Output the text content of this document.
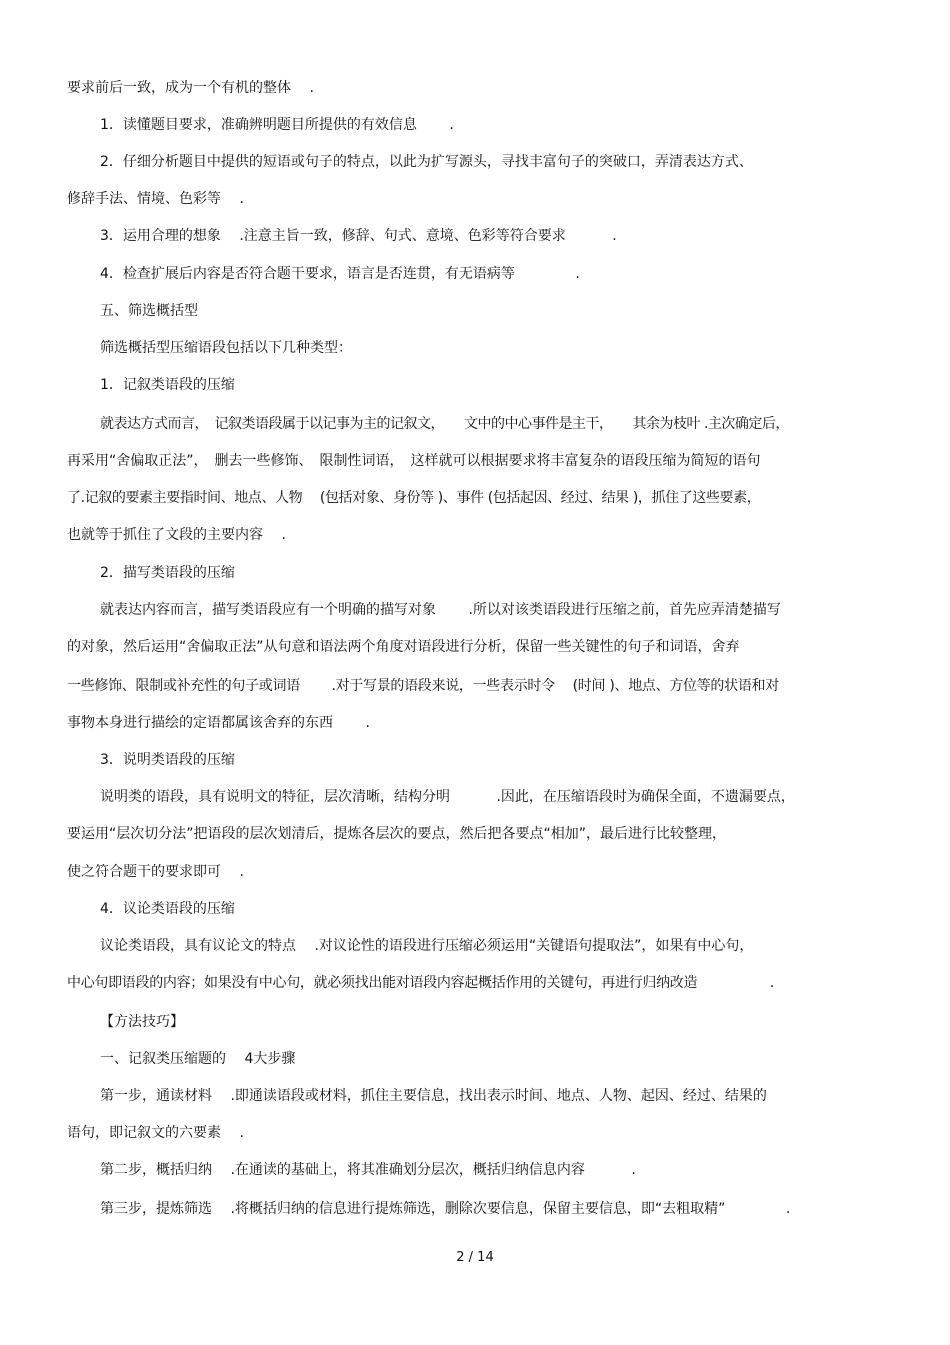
要求前后一致，成为一个有机的整体 　.
1．读懂题目要求，准确辨明题目所提供的有效信息 　　.
2．仔细分析题目中提供的短语或句子的特点，以此为扩写源头，寻找丰富句子的突破口，弄清表达方式、
修辞手法、情境、色彩等 　.
3．运用合理的想象 　.注意主旨一致，修辞、句式、意境、色彩等符合要求 　　　.
4．检查扩展后内容是否符合题干要求，语言是否连贯，有无语病等 　　　　.
五、筛选概括型
筛选概括型压缩语段包括以下几种类型：
1．记叙类语段的压缩
就表达方式而言，　记叙类语段属于以记事为主的记叙文，　　文中的中心事件是主干，　　其余为枝叶 .主次确定后，
再采用“舍偏取正法”，　删去一些修饰、　限制性词语，　这样就可以根据要求将丰富复杂的语段压缩为简短的语句
了.记叙的要素主要指时间、地点、人物　 (包括对象、身份等 )、事件 (包括起因、经过、结果 )，抓住了这些要素，
也就等于抓住了文段的主要内容 　.
2．描写类语段的压缩
就表达内容而言，描写类语段应有一个明确的描写对象 　　.所以对该类语段进行压缩之前，首先应弄清楚描写
的对象，然后运用“舍偏取正法”从句意和语法两个角度对语段进行分析，保留一些关键性的句子和词语，舍弃
一些修饰、限制或补充性的句子或词语 　　.对于写景的语段来说，一些表示时令 　(时间 )、地点、方位等的状语和对
事物本身进行描绘的定语都属该舍弃的东西 　　.
3．说明类语段的压缩
说明类的语段，具有说明文的特征，层次清晰，结构分明 　　　.因此，在压缩语段时为确保全面，不遗漏要点，
要运用“层次切分法”把语段的层次划清后，提炼各层次的要点，然后把各要点“相加”，最后进行比较整理，
使之符合题干的要求即可 　.
4．议论类语段的压缩
议论类语段，具有议论文的特点 　.对议论性的语段进行压缩必须运用“关键语句提取法”，如果有中心句，
中心句即语段的内容；如果没有中心句，就必须找出能对语段内容起概括作用的关键句，再进行归纳改造 　　　　　.
【方法技巧】
一、记叙类压缩题的 　4大步骤
第一步，通读材料 　.即通读语段或材料，抓住主要信息，找出表示时间、地点、人物、起因、经过、结果的
语句，即记叙文的六要素 　.
第二步，概括归纳 　.在通读的基础上，将其准确划分层次，概括归纳信息内容 　　　.
第三步，提炼筛选 　.将概括归纳的信息进行提炼筛选，删除次要信息，保留主要信息，即“去粗取精” 　　　　.
2 / 14
